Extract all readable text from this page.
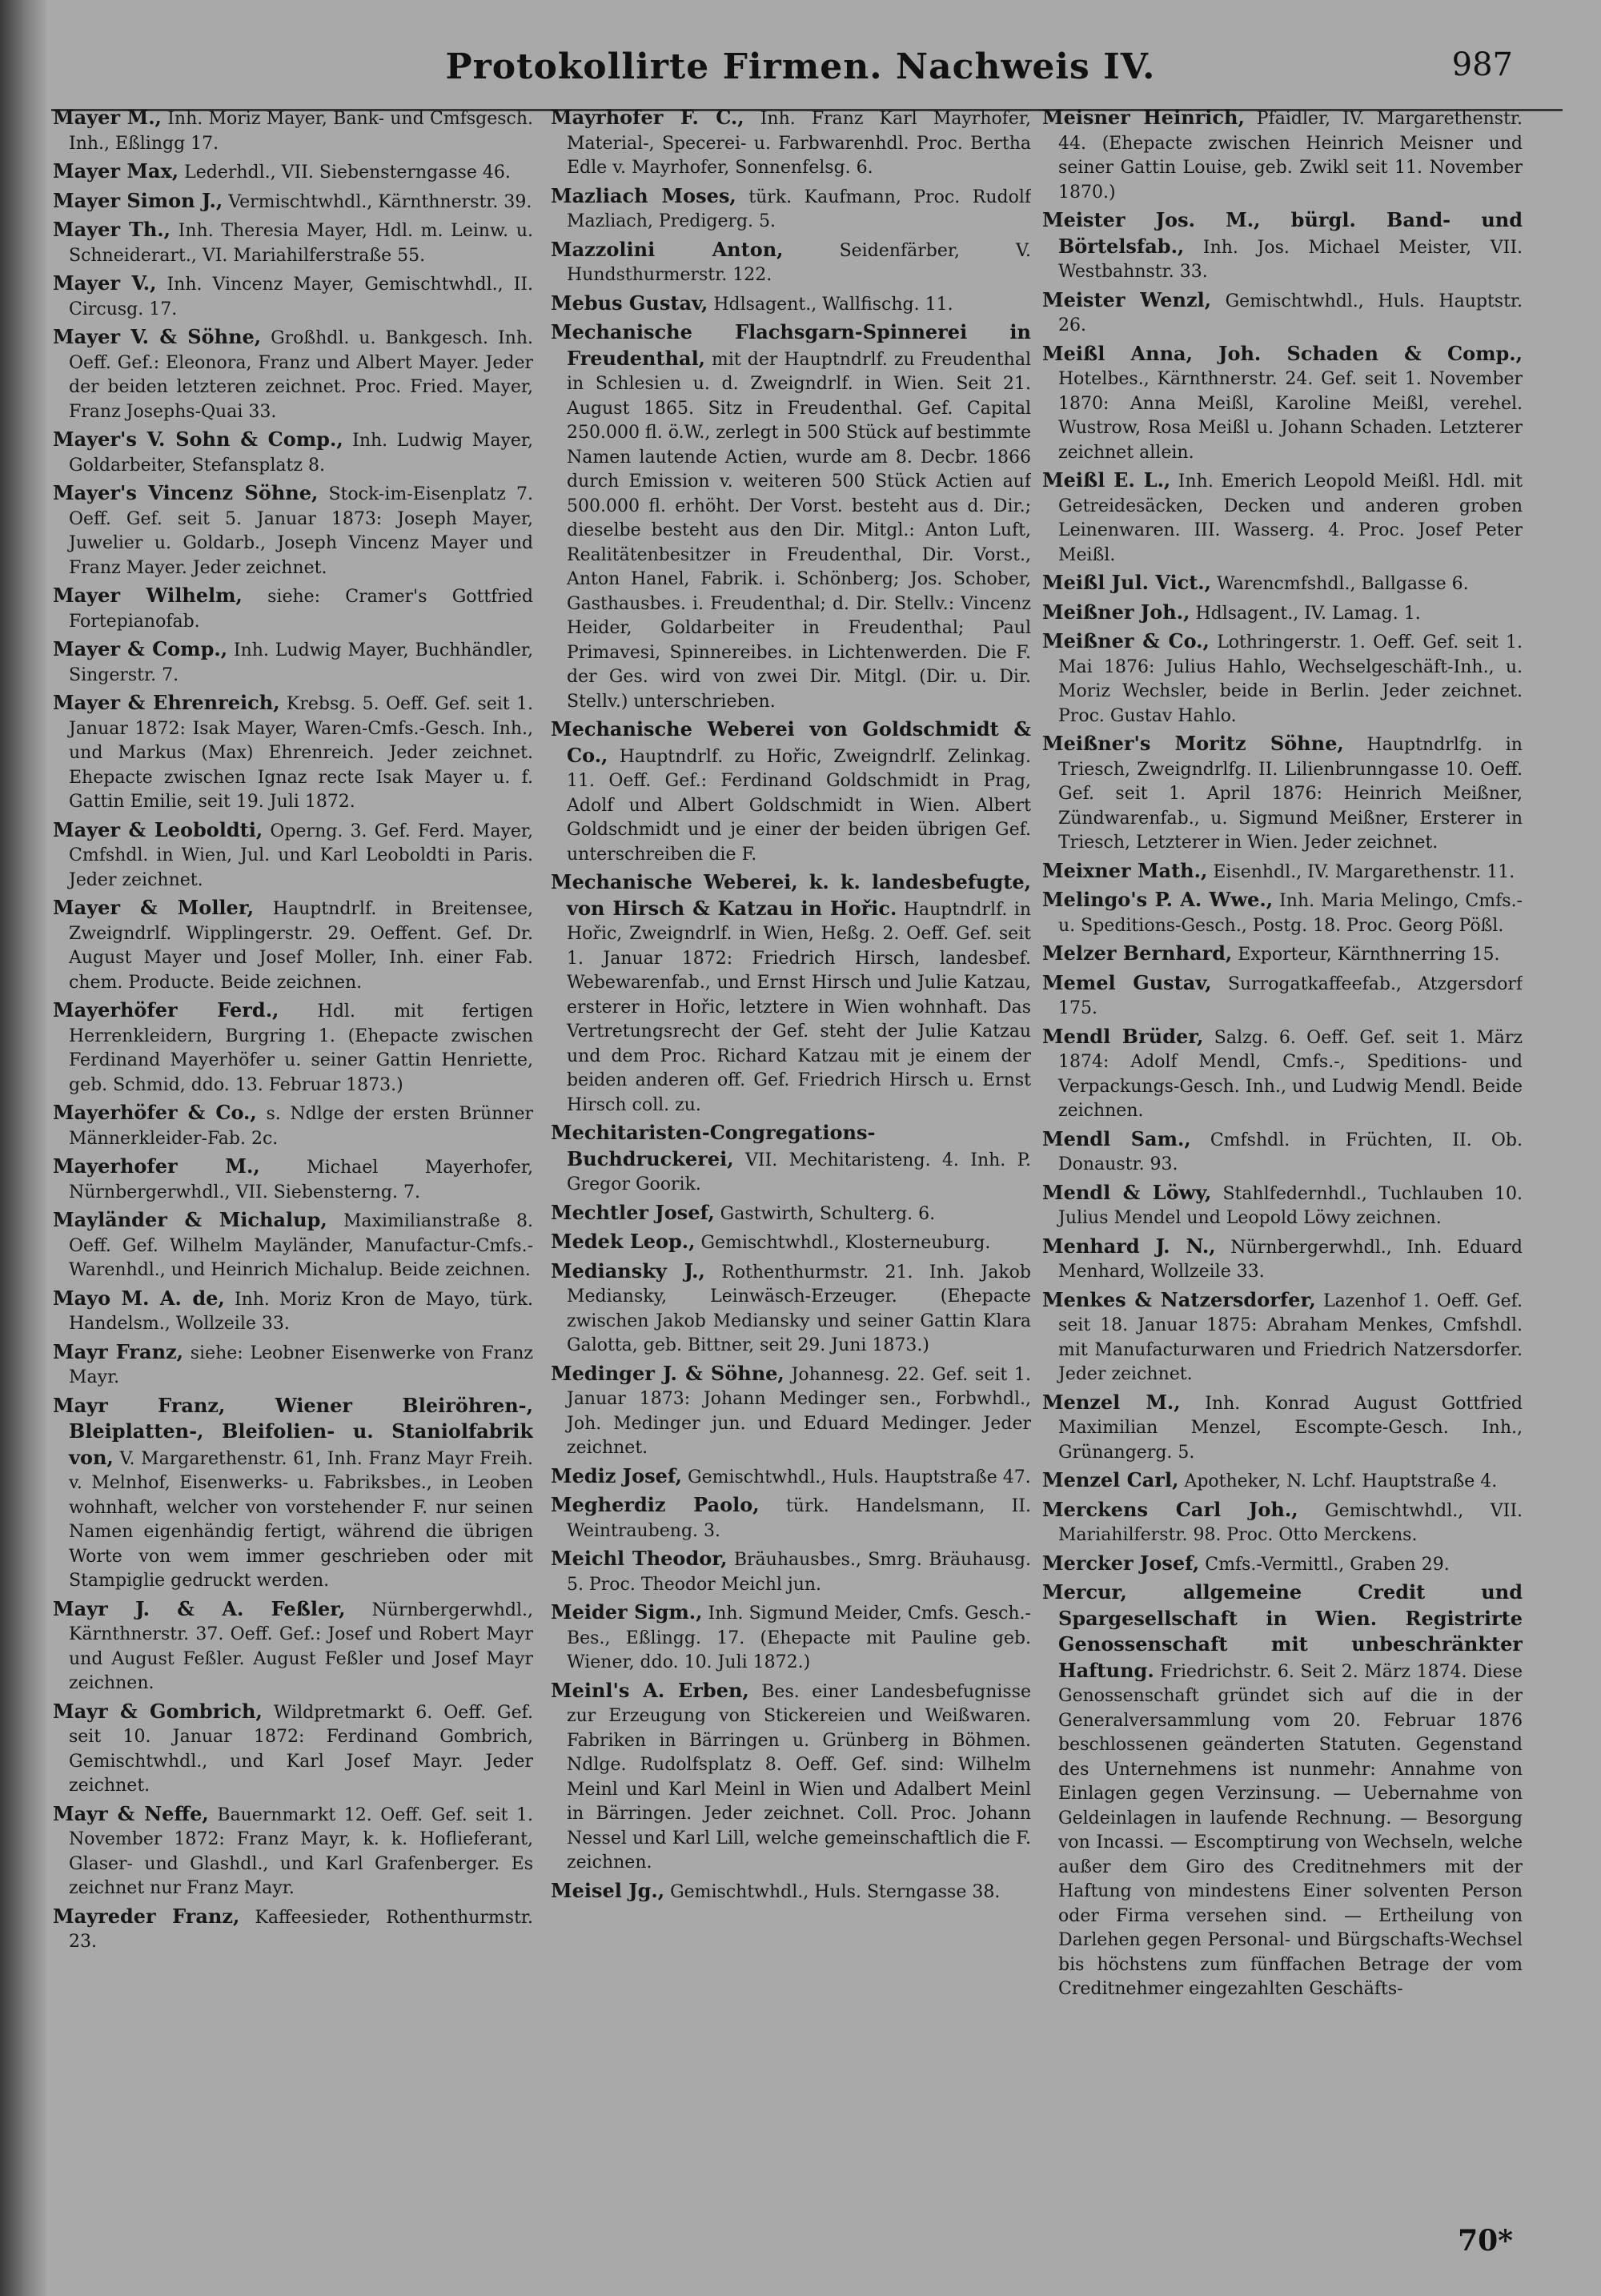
Protokollirte Firmen. Nachweis IV.	987

Mayer M., Inh. Moriz Mayer, Bank- und Cmfsgesch. Inh., Eßlingg 17.

Mayer Max, Lederhdl., VII. Siebensterngasse 46.

Mayer Simon J., Vermischtwhdl., Kärnthnerstr. 39.

Mayer Th., Inh. Theresia Mayer, Hdl. m. Leinw. u. Schneiderart., VI. Mariahilferstraße 55.

Mayer V., Inh. Vincenz Mayer, Gemischtwhdl., II. Circusg. 17.

Mayer V. & Söhne, Großhdl. u. Bankgesch. Inh. Oeff. Gef.: Eleonora, Franz und Albert Mayer. Jeder der beiden letzteren zeichnet. Proc. Fried. Mayer, Franz Josephs-Quai 33.

Mayer's V. Sohn & Comp., Inh. Ludwig Mayer, Goldarbeiter, Stefansplatz 8.

Mayer's Vincenz Söhne, Stock-im-Eisenplatz 7. Oeff. Gef. seit 5. Januar 1873: Joseph Mayer, Juwelier u. Goldarb., Joseph Vincenz Mayer und Franz Mayer. Jeder zeichnet.

Mayer Wilhelm, siehe: Cramer's Gottfried Fortepianofab.

Mayer & Comp., Inh. Ludwig Mayer, Buchhändler, Singerstr. 7.

Mayer & Ehrenreich, Krebsg. 5. Oeff. Gef. seit 1. Januar 1872: Isak Mayer, Waren-Cmfs.-Gesch. Inh., und Markus (Max) Ehrenreich. Jeder zeichnet. Ehepacte zwischen Ignaz recte Isak Mayer u. f. Gattin Emilie, seit 19. Juli 1872.

Mayer & Leoboldti, Operng. 3. Gef. Ferd. Mayer, Cmfshdl. in Wien, Jul. und Karl Leoboldti in Paris. Jeder zeichnet.

Mayer & Moller, Hauptndrlf. in Breitensee, Zweigndrlf. Wipplingerstr. 29. Oeffent. Gef. Dr. August Mayer und Josef Moller, Inh. einer Fab. chem. Producte. Beide zeichnen.

Mayerhöfer Ferd., Hdl. mit fertigen Herrenkleidern, Burgring 1. (Ehepacte zwischen Ferdinand Mayerhöfer u. seiner Gattin Henriette, geb. Schmid, ddo. 13. Februar 1873.)

Mayerhöfer & Co., s. Ndlge der ersten Brünner Männerkleider-Fab. 2c.

Mayerhofer M.,	Michael Mayerhofer, Nürnbergerwhdl., VII. Siebensterng. 7.

Mayländer & Michalup, Maximilianstraße 8. Oeff. Gef. Wilhelm Mayländer, Manufactur-Cmfs.-Warenhdl., und Heinrich Michalup. Beide zeichnen.

Mayo M. A. de, Inh. Moriz Kron de Mayo, türk. Handelsm., Wollzeile 33.

Mayr Franz, siehe: Leobner Eisenwerke von Franz Mayr.

Mayr Franz, Wiener Bleiröhren-, Bleiplatten-, Bleifolien- u. Staniolfabrik von, V. Margarethenstr. 61, Inh. Franz Mayr Freih. v. Melnhof, Eisenwerks- u. Fabriksbes., in Leoben wohnhaft, welcher von vorstehender F. nur seinen Namen eigenhändig fertigt, während die übrigen Worte von wem immer geschrieben oder mit Stampiglie gedruckt werden.

Mayr J. & A. Feßler, Nürnbergerwhdl., Kärnthnerstr. 37. Oeff. Gef.: Josef und Robert Mayr und August Feßler. August Feßler und Josef Mayr zeichnen.

Mayr & Gombrich, Wildpretmarkt 6. Oeff. Gef. seit 10. Januar 1872: Ferdinand Gombrich, Gemischtwhdl., und Karl Josef Mayr. Jeder zeichnet.

Mayr & Neffe, Bauernmarkt 12. Oeff. Gef. seit 1. November 1872: Franz Mayr, k. k. Hoflieferant, Glaser- und Glashdl., und Karl Grafenberger. Es zeichnet nur Franz Mayr.

Mayreder Franz, Kaffeesieder, Rothenthurmstr. 23.

Mayrhofer F. C., Inh. Franz Karl Mayrhofer, Material-, Specerei- u. Farbwarenhdl. Proc. Bertha Edle v. Mayrhofer, Sonnenfelsg. 6.

Mazliach Moses, türk. Kaufmann, Proc. Rudolf Mazliach, Predigerg. 5.

Mazzolini Anton,	Seidenfärber, V. Hundsthurmerstr. 122.

Mebus Gustav, Hdlsagent., Wallfischg. 11.

Mechanische Flachsgarn-Spinnerei in Freudenthal, mit der Hauptndrlf. zu Freudenthal in Schlesien u. d. Zweigndrlf. in Wien. Seit 21. August 1865. Sitz in Freudenthal. Gef. Capital 250.000 fl. ö.W., zerlegt in 500 Stück auf bestimmte Namen lautende Actien, wurde am 8. Decbr. 1866 durch Emission v. weiteren 500 Stück Actien auf 500.000 fl. erhöht. Der Vorst. besteht aus d. Dir.; dieselbe besteht aus den Dir. Mitgl.: Anton Luft, Realitätenbesitzer in Freudenthal, Dir. Vorst., Anton Hanel, Fabrik. i. Schönberg; Jos. Schober, Gasthausbes. i. Freudenthal; d. Dir. Stellv.: Vincenz Heider, Goldarbeiter in Freudenthal; Paul Primavesi, Spinnereibes. in Lichtenwerden. Die F. der Ges. wird von zwei Dir. Mitgl. (Dir. u. Dir. Stellv.) unterschrieben.

Mechanische Weberei von Goldschmidt & Co., Hauptndrlf. zu Hořic, Zweigndrlf. Zelinkag. 11. Oeff. Gef.: Ferdinand Goldschmidt in Prag, Adolf und Albert Goldschmidt in Wien. Albert Goldschmidt und je einer der beiden übrigen Gef. unterschreiben die F.

Mechanische Weberei, k. k. landesbefugte, von Hirsch & Katzau in Hořic. Hauptndrlf. in Hořic, Zweigndrlf. in Wien, Heßg. 2. Oeff. Gef. seit 1. Januar 1872: Friedrich Hirsch, landesbef. Webewarenfab., und Ernst Hirsch und Julie Katzau, ersterer in Hořic, letztere in Wien wohnhaft. Das Vertretungsrecht der Gef. steht der Julie Katzau und dem Proc. Richard Katzau mit je einem der beiden anderen off. Gef. Friedrich Hirsch u. Ernst Hirsch coll. zu.

Mechitaristen-Congregations-Buchdruckerei, VII. Mechitaristeng. 4. Inh. P. Gregor Goorik.

Mechtler Josef, Gastwirth, Schulterg. 6.

Medek Leop., Gemischtwhdl., Klosterneuburg.

Mediansky J., Rothenthurmstr. 21. Inh. Jakob Mediansky, Leinwäsch-Erzeuger. (Ehepacte zwischen Jakob Mediansky und seiner Gattin Klara Galotta, geb. Bittner, seit 29. Juni 1873.)

Medinger J. & Söhne, Johannesg. 22. Gef. seit 1. Januar 1873: Johann Medinger sen., Forbwhdl., Joh. Medinger jun. und Eduard Medinger. Jeder zeichnet.

Mediz Josef, Gemischtwhdl., Huls. Hauptstraße 47.

Megherdiz Paolo, türk. Handelsmann, II. Weintraubeng. 3.

Meichl Theodor, Bräuhausbes., Smrg. Bräuhausg. 5. Proc. Theodor Meichl jun.

Meider Sigm., Inh. Sigmund Meider, Cmfs. Gesch.-Bes., Eßlingg. 17. (Ehepacte mit Pauline geb. Wiener, ddo. 10. Juli 1872.)

Meinl's A. Erben, Bes. einer Landesbefugnisse zur Erzeugung von Stickereien und Weißwaren. Fabriken in Bärringen u. Grünberg in Böhmen. Ndlge. Rudolfsplatz 8. Oeff. Gef. sind: Wilhelm Meinl und Karl Meinl in Wien und Adalbert Meinl in Bärringen. Jeder zeichnet. Coll. Proc. Johann Nessel und Karl Lill, welche gemeinschaftlich die F. zeichnen.

Meisel Jg., Gemischtwhdl., Huls. Sterngasse 38.

Meisner Heinrich, Pfaidler, IV. Margarethenstr. 44. (Ehepacte zwischen Heinrich Meisner und seiner Gattin Louise, geb. Zwikl seit 11. November 1870.)

Meister Jos. M., bürgl. Band- und Börtelsfab., Inh. Jos. Michael Meister, VII. Westbahnstr. 33.

Meister Wenzl, Gemischtwhdl., Huls. Hauptstr. 26.

Meißl Anna, Joh. Schaden & Comp., Hotelbes., Kärnthnerstr. 24. Gef. seit 1. November 1870: Anna Meißl, Karoline Meißl, verehel. Wustrow, Rosa Meißl u. Johann Schaden. Letzterer zeichnet allein.

Meißl E. L., Inh. Emerich Leopold Meißl. Hdl. mit Getreidesäcken, Decken und anderen groben Leinenwaren. III. Wasserg. 4. Proc. Josef Peter Meißl.

Meißl Jul. Vict., Warencmfshdl., Ballgasse 6.

Meißner Joh., Hdlsagent., IV. Lamag. 1.

Meißner & Co., Lothringerstr. 1. Oeff. Gef. seit 1. Mai 1876: Julius Hahlo, Wechselgeschäft-Inh., u. Moriz Wechsler, beide in Berlin. Jeder zeichnet. Proc. Gustav Hahlo.

Meißner's Moritz Söhne, Hauptndrlfg. in Triesch, Zweigndrlfg. II. Lilienbrunngasse 10. Oeff. Gef. seit 1. April 1876: Heinrich Meißner, Zündwarenfab., u. Sigmund Meißner, Ersterer in Triesch, Letzterer in Wien. Jeder zeichnet.

Meixner Math., Eisenhdl., IV. Margarethenstr. 11.

Melingo's P. A. Wwe., Inh. Maria Melingo, Cmfs.- u. Speditions-Gesch., Postg. 18. Proc. Georg Pößl.

Melzer Bernhard, Exporteur, Kärnthnerring 15.

Memel Gustav, Surrogatkaffeefab., Atzgersdorf 175.

Mendl Brüder, Salzg. 6. Oeff. Gef. seit 1. März 1874: Adolf Mendl, Cmfs.-, Speditions- und Verpackungs-Gesch. Inh., und Ludwig Mendl. Beide zeichnen.

Mendl Sam., Cmfshdl. in Früchten, II. Ob. Donaustr. 93.

Mendl & Löwy, Stahlfedernhdl., Tuchlauben 10. Julius Mendel und Leopold Löwy zeichnen.

Menhard J. N., Nürnbergerwhdl., Inh. Eduard Menhard, Wollzeile 33.

Menkes & Natzersdorfer, Lazenhof 1. Oeff. Gef. seit 18. Januar 1875: Abraham Menkes, Cmfshdl. mit Manufacturwaren und Friedrich Natzersdorfer. Jeder zeichnet.

Menzel M., Inh. Konrad August Gottfried Maximilian Menzel, Escompte-Gesch. Inh., Grünangerg. 5.

Menzel Carl, Apotheker, N. Lchf. Hauptstraße 4.

Merckens Carl Joh., Gemischtwhdl., VII. Mariahilferstr. 98. Proc. Otto Merckens.

Mercker Josef, Cmfs.-Vermittl., Graben 29.

Mercur, allgemeine Credit und Spargesellschaft in Wien. Registrirte Genossenschaft mit unbeschränkter Haftung. Friedrichstr. 6. Seit 2. März 1874. Diese Genossenschaft gründet sich auf die in der Generalversammlung vom 20. Februar 1876 beschlossenen geänderten Statuten. Gegenstand des Unternehmens ist nunmehr: Annahme von Einlagen gegen Verzinsung. — Uebernahme von Geldeinlagen in laufende Rechnung. — Besorgung von Incassi. — Escomptirung von Wechseln, welche außer dem Giro des Creditnehmers mit der Haftung von mindestens Einer solventen Person oder Firma versehen sind. — Ertheilung von Darlehen gegen Personal- und Bürgschafts-Wechsel bis höchstens zum fünffachen Betrage der vom Creditnehmer eingezahlten Geschäfts-

70*
